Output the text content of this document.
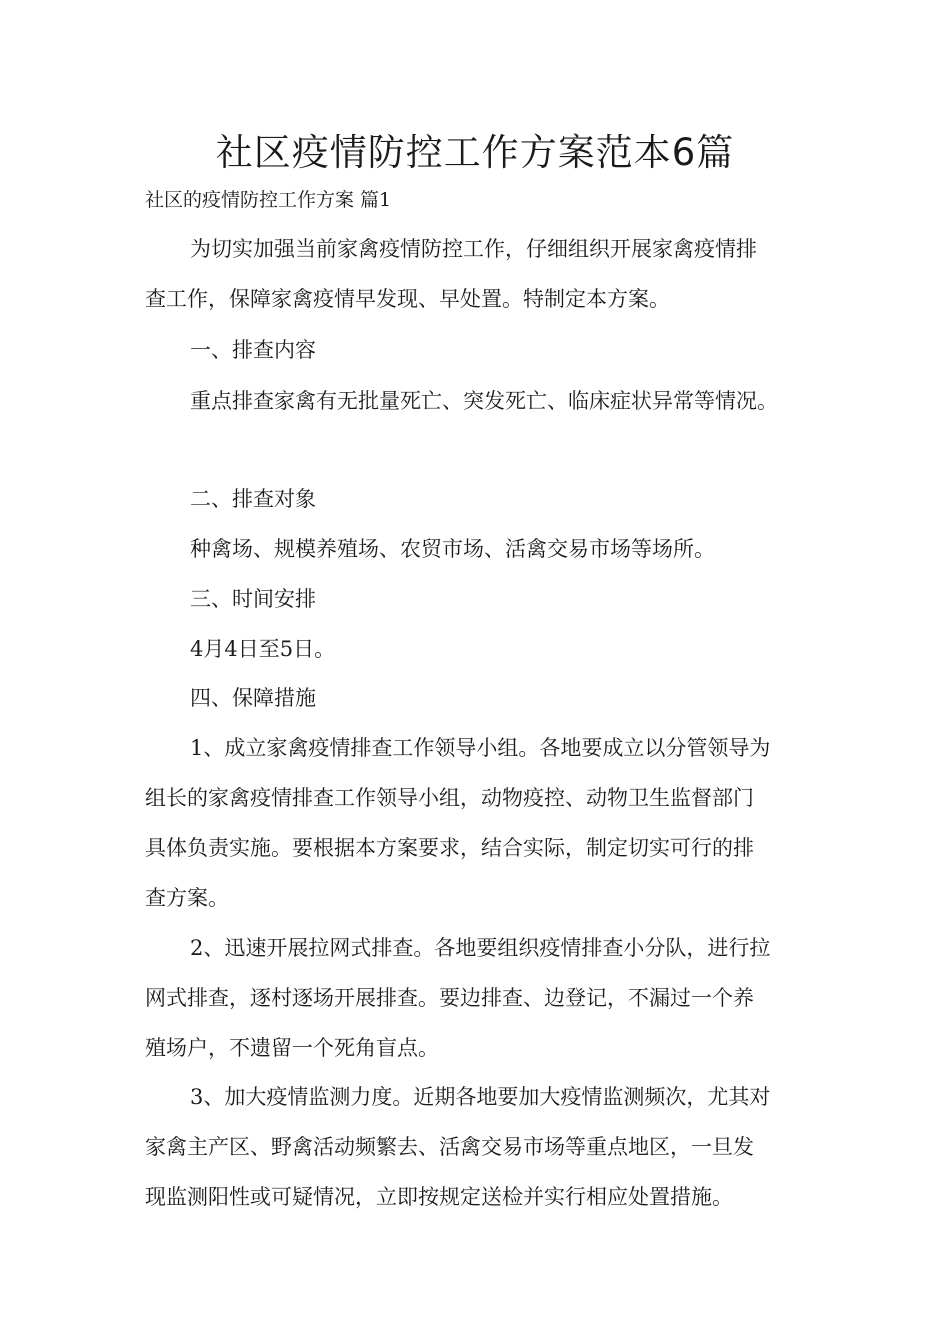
社区疫情防控工作方案范本6篇

社区的疫情防控工作方案 篇1

为切实加强当前家禽疫情防控工作，仔细组织开展家禽疫情排

查工作，保障家禽疫情早发现、早处置。特制定本方案。

一、排查内容

重点排查家禽有无批量死亡、突发死亡、临床症状异常等情况。

二、排查对象

种禽场、规模养殖场、农贸市场、活禽交易市场等场所。

三、时间安排

4月4日至5日。

四、保障措施

1、成立家禽疫情排查工作领导小组。各地要成立以分管领导为

组长的家禽疫情排查工作领导小组，动物疫控、动物卫生监督部门

具体负责实施。要根据本方案要求，结合实际，制定切实可行的排

查方案。

2、迅速开展拉网式排查。各地要组织疫情排查小分队，进行拉

网式排查，逐村逐场开展排查。要边排查、边登记，不漏过一个养

殖场户，不遗留一个死角盲点。

3、加大疫情监测力度。近期各地要加大疫情监测频次，尤其对

家禽主产区、野禽活动频繁去、活禽交易市场等重点地区，一旦发

现监测阳性或可疑情况，立即按规定送检并实行相应处置措施。
